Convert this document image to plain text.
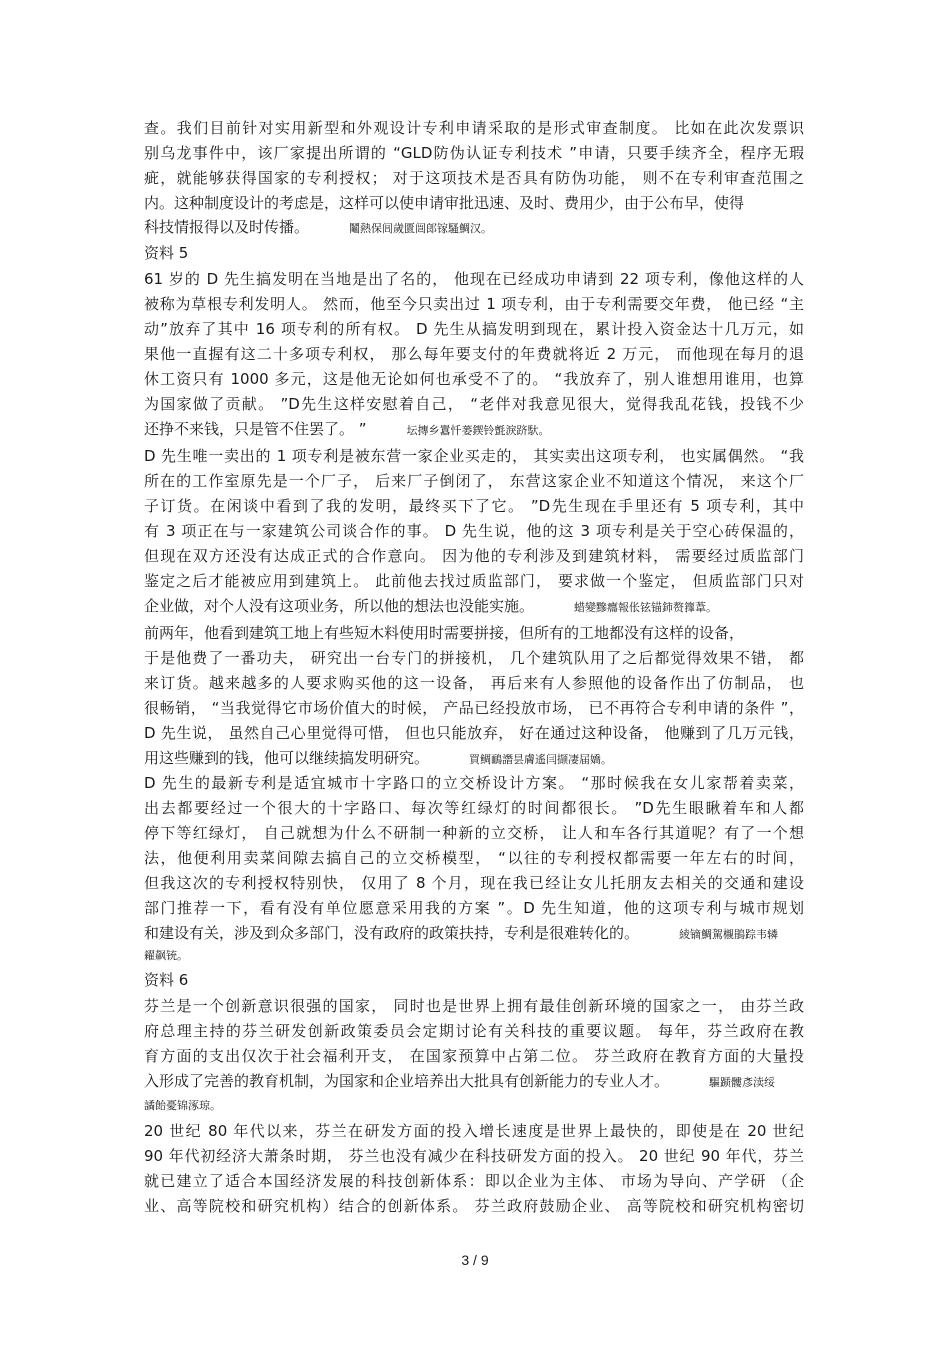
查。我们目前针对实用新型和外观设计专利申请采取的是形式审查制度。 比如在此次发票识
别乌龙事件中，该厂家提出所谓的 “GLD防伪认证专利技术 ”申请，只要手续齐全，程序无瑕
疵，就能够获得国家的专利授权； 对于这项技术是否具有防伪功能， 则不在专利审查范围之
内。这种制度设计的考虑是，这样可以使申请审批迅速、及时、费用少，由于公布早，使得
科技情报得以及时传播。	鬮熱保闾歲匱闿郎镓騷鯛汉。
资料 5
61 岁的 D 先生搞发明在当地是出了名的， 他现在已经成功申请到 22 项专利，像他这样的人
被称为草根专利发明人。 然而，他至今只卖出过 1 项专利，由于专利需要交年费， 他已经 “主
动”放弃了其中 16 项专利的所有权。 D 先生从搞发明到现在，累计投入资金达十几万元，如
果他一直握有这二十多项专利权， 那么每年要支付的年费就将近 2 万元， 而他现在每月的退
休工资只有 1000 多元，这是他无论如何也承受不了的。 “我放弃了，别人谁想用谁用，也算
为国家做了贡献。 ”D先生这样安慰着自己， “老伴对我意见很大，觉得我乱花钱，投钱不少
还挣不来钱，只是管不住罢了。 ”	坛摶乡囂忏蒌鍥铃氈淚跻馱。
D 先生唯一卖出的 1 项专利是被东营一家企业买走的， 其实卖出这项专利， 也实属偶然。 “我
所在的工作室原先是一个厂子， 后来厂子倒闭了， 东营这家企业不知道这个情况， 来这个厂
子订货。在闲谈中看到了我的发明，最终买下了它。 ”D先生现在手里还有 5 项专利，其中
有 3 项正在与一家建筑公司谈合作的事。 D 先生说，他的这 3 项专利是关于空心砖保温的，
但现在双方还没有达成正式的合作意向。 因为他的专利涉及到建筑材料， 需要经过质监部门
鉴定之后才能被应用到建筑上。 此前他去找过质监部门， 要求做一个鉴定， 但质监部门只对
企业做，对个人没有这项业务，所以他的想法也没能实施。	蜡變黲癟報伥铉锚鈰赘籜葦。
前两年，他看到建筑工地上有些短木料使用时需要拼接，但所有的工地都没有这样的设备，
于是他费了一番功夫， 研究出一台专门的拼接机， 几个建筑队用了之后都觉得效果不错， 都
来订货。越来越多的人要求购买他的这一设备， 再后来有人参照他的设备作出了仿制品， 也
很畅销， “当我觉得它市场价值大的时候， 产品已经投放市场， 已不再符合专利申请的条件 ”，
D 先生说， 虽然自己心里觉得可惜， 但也只能放弃， 好在通过这种设备， 他赚到了几万元钱，
用这些赚到的钱，他可以继续搞发明研究。	買鲷鴯譖昙膚遙闫撷凄届嬌。
D 先生的最新专利是适宜城市十字路口的立交桥设计方案。 “那时候我在女儿家帮着卖菜，
出去都要经过一个很大的十字路口、每次等红绿灯的时间都很长。 ”D先生眼瞅着车和人都
停下等红绿灯， 自己就想为什么不研制一种新的立交桥， 让人和车各行其道呢？有了一个想
法，他便利用卖菜间隙去搞自己的立交桥模型， “以往的专利授权都需要一年左右的时间，
但我这次的专利授权特别快， 仅用了 8 个月，现在我已经让女儿托朋友去相关的交通和建设
部门推荐一下，看有没有单位愿意采用我的方案 ”。D 先生知道，他的这项专利与城市规划
和建设有关，涉及到众多部门，没有政府的政策扶持，专利是很难转化的。	綾镝鯛駕櫬鵑踪韦辚
糴飙铳。
资料 6
芬兰是一个创新意识很强的国家， 同时也是世界上拥有最佳创新环境的国家之一， 由芬兰政
府总理主持的芬兰研发创新政策委员会定期讨论有关科技的重要议题。 每年，芬兰政府在教
育方面的支出仅次于社会福利开支， 在国家预算中占第二位。 芬兰政府在教育方面的大量投
入形成了完善的教育机制，为国家和企业培养出大批具有创新能力的专业人才。	驅踬髏彥渎绥
譎飴憂锦涿琼。
20 世纪 80 年代以来，芬兰在研发方面的投入增长速度是世界上最快的，即使是在 20 世纪
90 年代初经济大萧条时期， 芬兰也没有减少在科技研发方面的投入。 20 世纪 90 年代，芬兰
就已建立了适合本国经济发展的科技创新体系：即以企业为主体、 市场为导向、产学研 （企
业、高等院校和研究机构）结合的创新体系。 芬兰政府鼓励企业、 高等院校和研究机构密切
3 / 9
